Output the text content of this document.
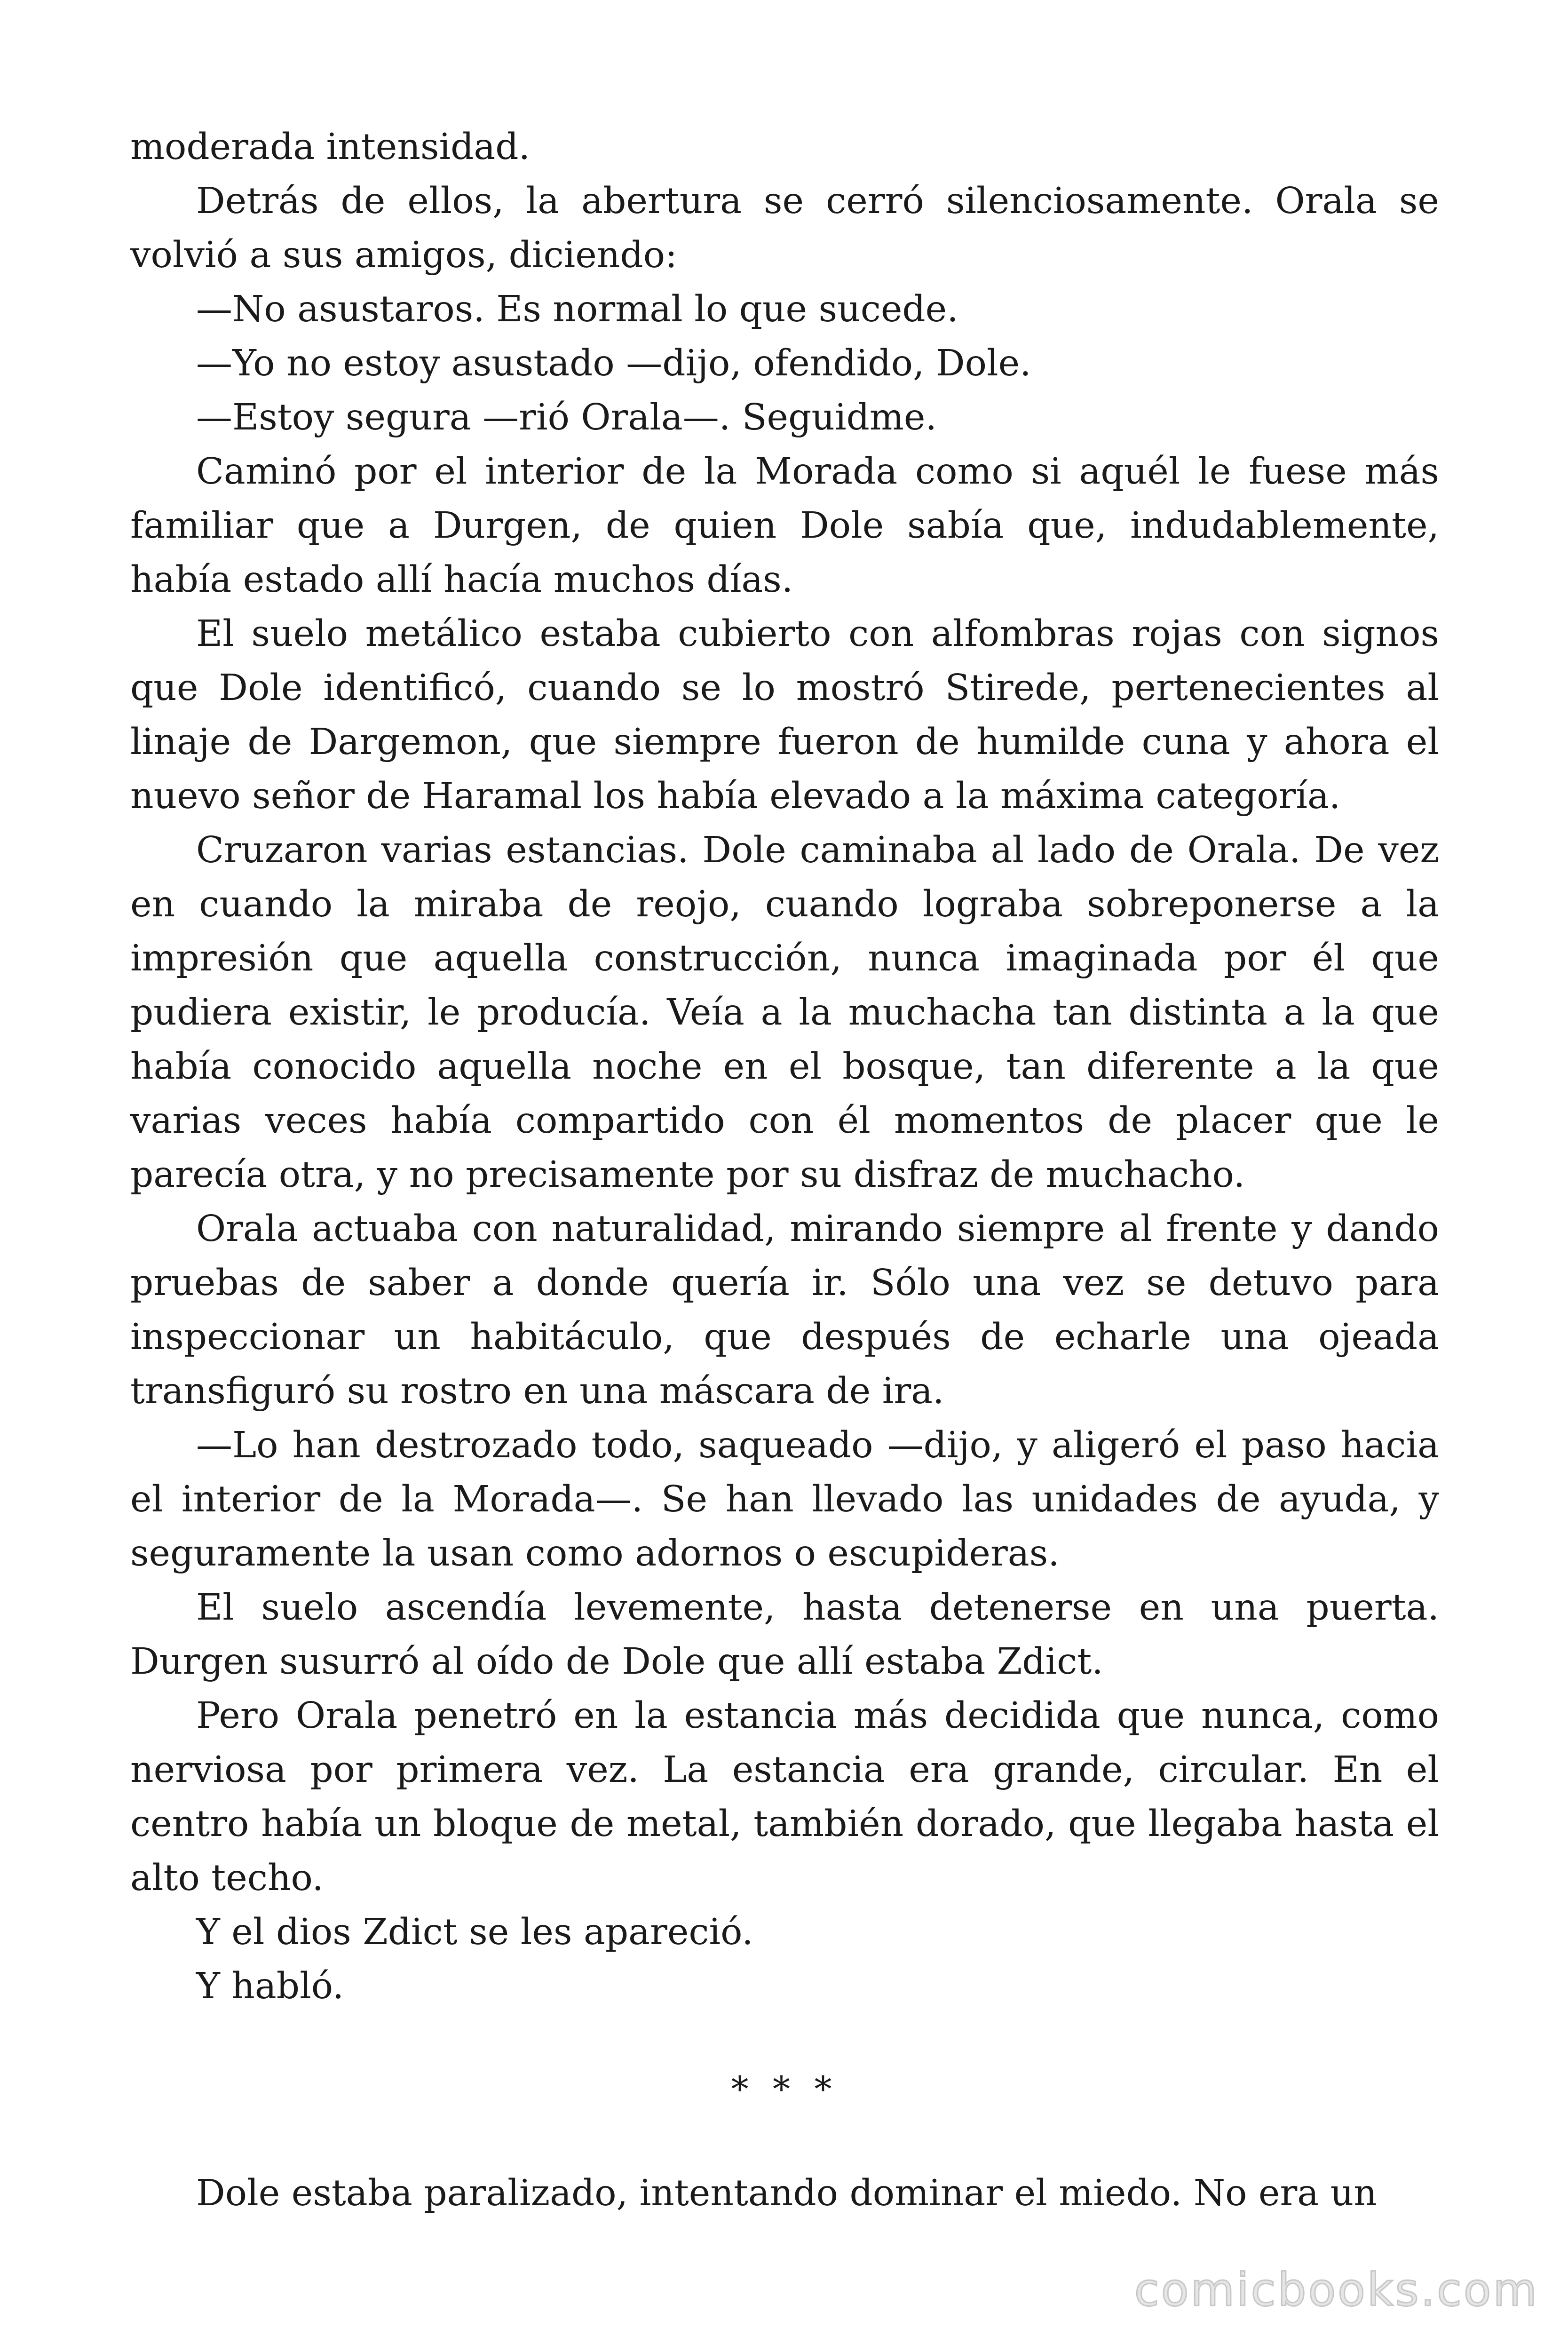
moderada intensidad.

Detrás de ellos, la abertura se cerró silenciosamente. Orala se volvió a sus amigos, diciendo:

—No asustaros. Es normal lo que sucede.

—Yo no estoy asustado —dijo, ofendido, Dole.

—Estoy segura —rió Orala—. Seguidme.

Caminó por el interior de la Morada como si aquél le fuese más familiar que a Durgen, de quien Dole sabía que, indudablemente, había estado allí hacía muchos días.

El suelo metálico estaba cubierto con alfombras rojas con signos que Dole identificó, cuando se lo mostró Stirede, pertenecientes al linaje de Dargemon, que siempre fueron de humilde cuna y ahora el nuevo señor de Haramal los había elevado a la máxima categoría.

Cruzaron varias estancias. Dole caminaba al lado de Orala. De vez en cuando la miraba de reojo, cuando lograba sobreponerse a la impresión que aquella construcción, nunca imaginada por él que pudiera existir, le producía. Veía a la muchacha tan distinta a la que había conocido aquella noche en el bosque, tan diferente a la que varias veces había compartido con él momentos de placer que le parecía otra, y no precisamente por su disfraz de muchacho.

Orala actuaba con naturalidad, mirando siempre al frente y dando pruebas de saber a donde quería ir. Sólo una vez se detuvo para inspeccionar un habitáculo, que después de echarle una ojeada transfiguró su rostro en una máscara de ira.

—Lo han destrozado todo, saqueado —dijo, y aligeró el paso hacia el interior de la Morada—. Se han llevado las unidades de ayuda, y seguramente la usan como adornos o escupideras.

El suelo ascendía levemente, hasta detenerse en una puerta. Durgen susurró al oído de Dole que allí estaba Zdict.

Pero Orala penetró en la estancia más decidida que nunca, como nerviosa por primera vez. La estancia era grande, circular. En el centro había un bloque de metal, también dorado, que llegaba hasta el alto techo.

Y el dios Zdict se les apareció.

Y habló.

* * *

Dole estaba paralizado, intentando dominar el miedo. No era un

comicbooks.com
